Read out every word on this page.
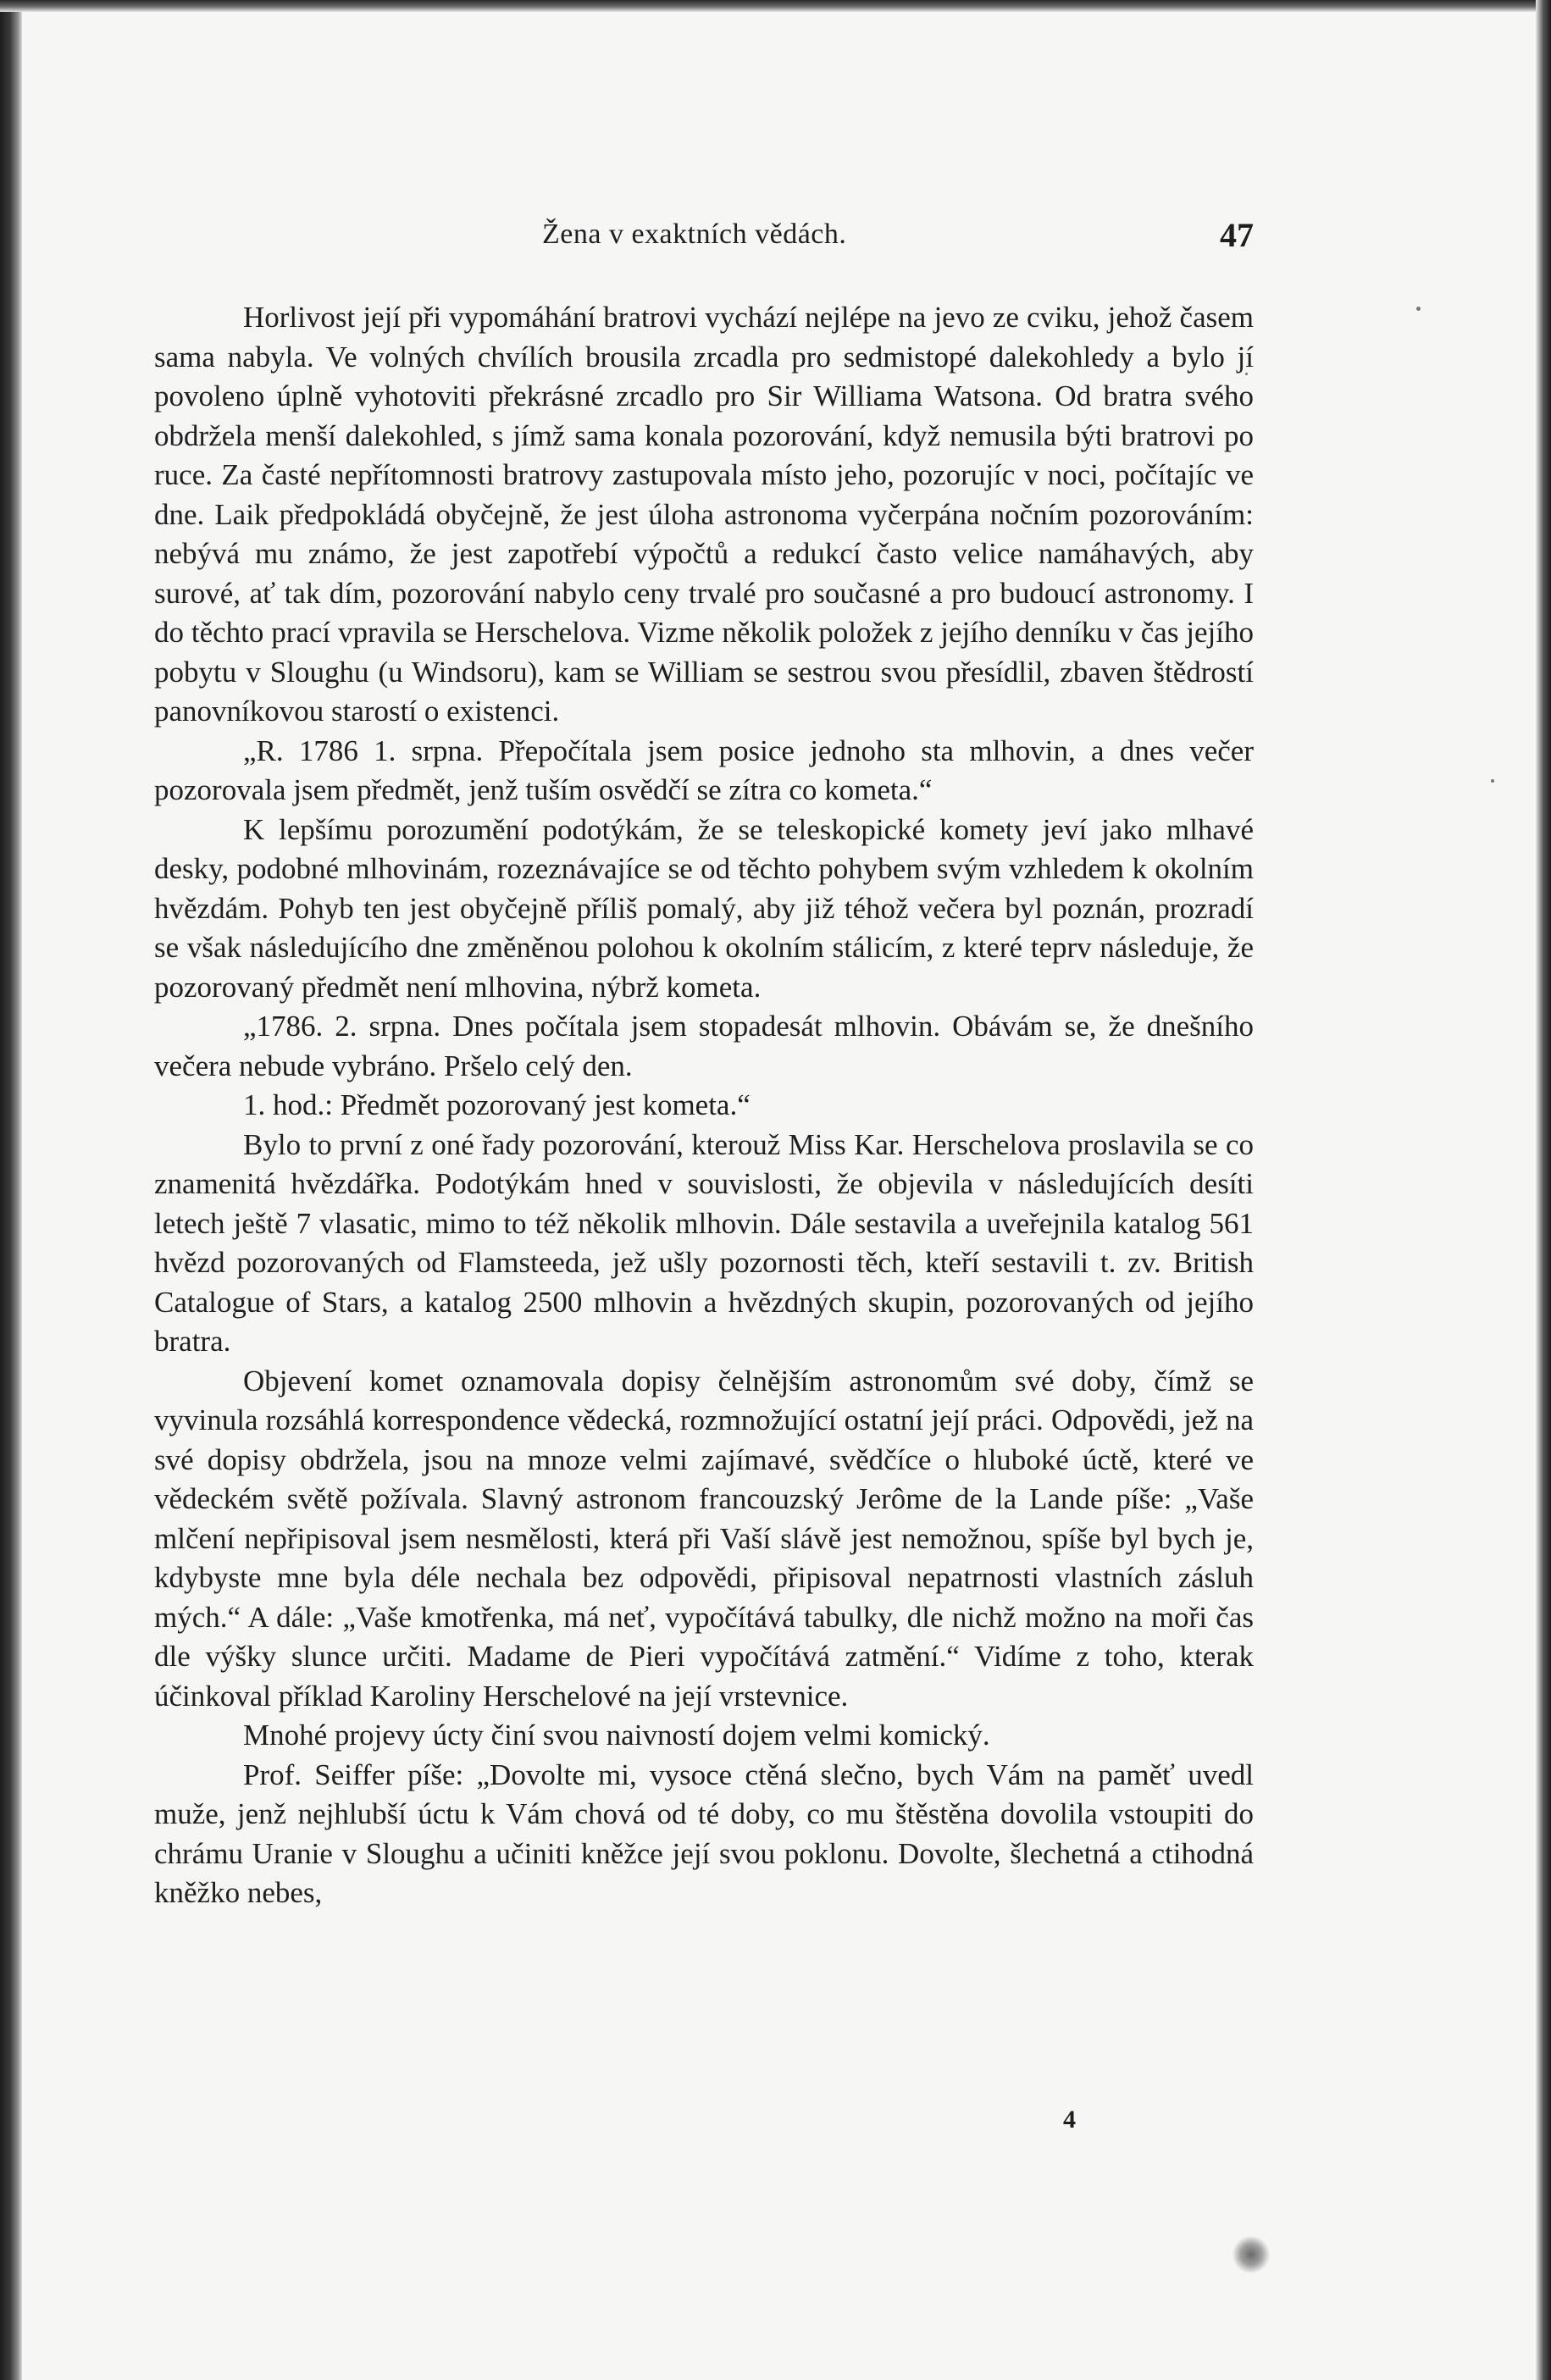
Žena v exaktních vědách.	47

Horlivost její při vypomáhání bratrovi vychází nejlépe na jevo ze cviku, jehož časem sama nabyla. Ve volných chvílích brousila zrcadla pro sedmistopé dalekohledy a bylo jí povoleno úplně vyhotoviti překrásné zrcadlo pro Sir Williama Watsona. Od bratra svého obdržela menší dalekohled, s jímž sama konala pozorování, když nemusila býti bratrovi po ruce. Za časté nepřítomnosti bratrovy zastupovala místo jeho, pozorujíc v noci, počítajíc ve dne. Laik předpokládá obyčejně, že jest úloha astronoma vyčerpána nočním pozorováním: nebývá mu známo, že jest zapotřebí výpočtů a redukcí často velice namáhavých, aby surové, ať tak dím, pozorování nabylo ceny trvalé pro současné a pro budoucí astronomy. I do těchto prací vpravila se Herschelova. Vizme několik položek z jejího denníku v čas jejího pobytu v Sloughu (u Windsoru), kam se William se sestrou svou přesídlil, zbaven štědrostí panovníkovou starostí o existenci.

„R. 1786 1. srpna. Přepočítala jsem posice jednoho sta mlhovin, a dnes večer pozorovala jsem předmět, jenž tuším osvědčí se zítra co kometa.“

K lepšímu porozumění podotýkám, že se teleskopické komety jeví jako mlhavé desky, podobné mlhovinám, rozeznávajíce se od těchto pohybem svým vzhledem k okolním hvězdám. Pohyb ten jest obyčejně příliš pomalý, aby již téhož večera byl poznán, prozradí se však následujícího dne změněnou polohou k okolním stálicím, z které teprv následuje, že pozorovaný předmět není mlhovina, nýbrž kometa.

„1786. 2. srpna. Dnes počítala jsem stopadesát mlhovin. Obávám se, že dnešního večera nebude vybráno. Pršelo celý den.

1. hod.: Předmět pozorovaný jest kometa.“

Bylo to první z oné řady pozorování, kterouž Miss Kar. Herschelova proslavila se co znamenitá hvězdářka. Podotýkám hned v souvislosti, že objevila v následujících desíti letech ještě 7 vlasatic, mimo to též několik mlhovin. Dále sestavila a uveřejnila katalog 561 hvězd pozorovaných od Flamsteeda, jež ušly pozornosti těch, kteří sestavili t. zv. British Catalogue of Stars, a katalog 2500 mlhovin a hvězdných skupin, pozorovaných od jejího bratra.

Objevení komet oznamovala dopisy čelnějším astronomům své doby, čímž se vyvinula rozsáhlá korrespondence vědecká, rozmnožující ostatní její práci. Odpovědi, jež na své dopisy obdržela, jsou na mnoze velmi zajímavé, svědčíce o hluboké úctě, které ve vědeckém světě požívala. Slavný astronom francouzský Jerôme de la Lande píše: „Vaše mlčení nepřipisoval jsem nesmělosti, která při Vaší slávě jest nemožnou, spíše byl bych je, kdybyste mne byla déle nechala bez odpovědi, připisoval nepatrnosti vlastních zásluh mých.“ A dále: „Vaše kmotřenka, má neť, vypočítává tabulky, dle nichž možno na moři čas dle výšky slunce určiti. Madame de Pieri vypočítává zatmění.“ Vidíme z toho, kterak účinkoval příklad Karoliny Herschelové na její vrstevnice.

Mnohé projevy úcty činí svou naivností dojem velmi komický.

Prof. Seiffer píše: „Dovolte mi, vysoce ctěná slečno, bych Vám na paměť uvedl muže, jenž nejhlubší úctu k Vám chová od té doby, co mu štěstěna dovolila vstoupiti do chrámu Uranie v Sloughu a učiniti kněžce její svou poklonu. Dovolte, šlechetná a ctihodná kněžko nebes,

4
